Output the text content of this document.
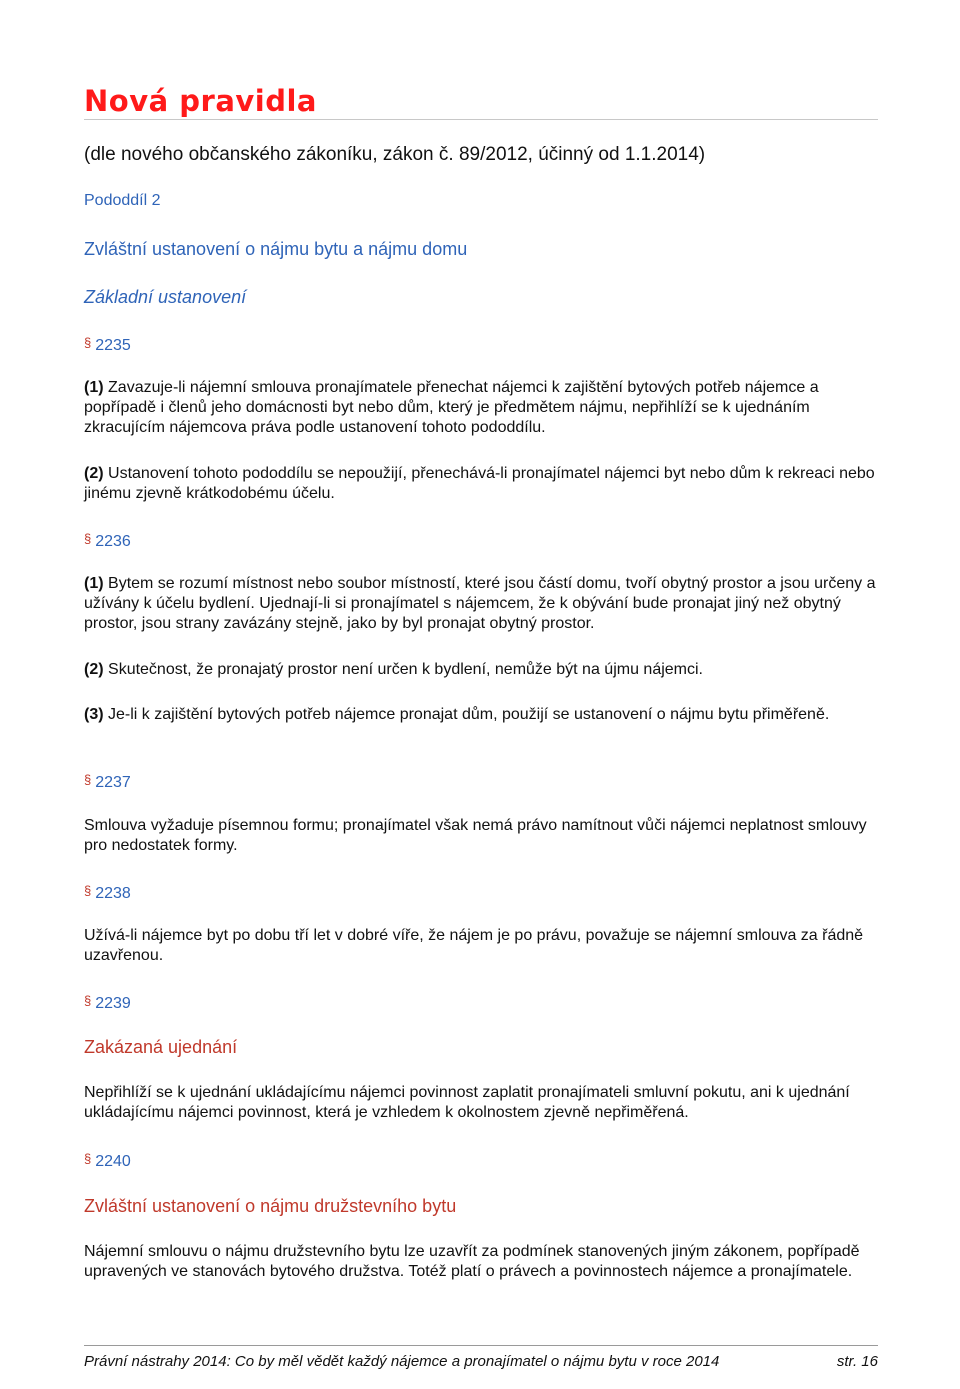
Nová pravidla
(dle nového občanského zákoníku, zákon č. 89/2012, účinný od 1.1.2014)
Pododdíl 2
Zvláštní ustanovení o nájmu bytu a nájmu domu
Základní ustanovení
§ 2235

(1) Zavazuje-li nájemní smlouva pronajímatele přenechat nájemci k zajištění bytových potřeb nájemce a popřípadě i členů jeho domácnosti byt nebo dům, který je předmětem nájmu, nepřihlíží se k ujednáním zkracujícím nájemcova práva podle ustanovení tohoto pododdílu.

(2) Ustanovení tohoto pododdílu se nepoužijí, přenechává-li pronajímatel nájemci byt nebo dům k rekreaci nebo jinému zjevně krátkodobému účelu.

§ 2236

(1) Bytem se rozumí místnost nebo soubor místností, které jsou částí domu, tvoří obytný prostor a jsou určeny a užívány k účelu bydlení. Ujednají-li si pronajímatel s nájemcem, že k obývání bude pronajat jiný než obytný prostor, jsou strany zavázány stejně, jako by byl pronajat obytný prostor.

(2) Skutečnost, že pronajatý prostor není určen k bydlení, nemůže být na újmu nájemci.

(3) Je-li k zajištění bytových potřeb nájemce pronajat dům, použijí se ustanovení o nájmu bytu přiměřeně.

§ 2237

Smlouva vyžaduje písemnou formu; pronajímatel však nemá právo namítnout vůči nájemci neplatnost smlouvy pro nedostatek formy.

§ 2238

Užívá-li nájemce byt po dobu tří let v dobré víře, že nájem je po právu, považuje se nájemní smlouva za řádně uzavřenou.

§ 2239
Zakázaná ujednání

Nepřihlíží se k ujednání ukládajícímu nájemci povinnost zaplatit pronajímateli smluvní pokutu, ani k ujednání ukládajícímu nájemci povinnost, která je vzhledem k okolnostem zjevně nepřiměřená.

§ 2240
Zvláštní ustanovení o nájmu družstevního bytu

Nájemní smlouvu o nájmu družstevního bytu lze uzavřít za podmínek stanovených jiným zákonem, popřípadě upravených ve stanovách bytového družstva. Totéž platí o právech a povinnostech nájemce a pronajímatele.

Právní nástrahy 2014: Co by měl vědět každý nájemce a pronajímatel o nájmu bytu v roce 2014	str. 16
